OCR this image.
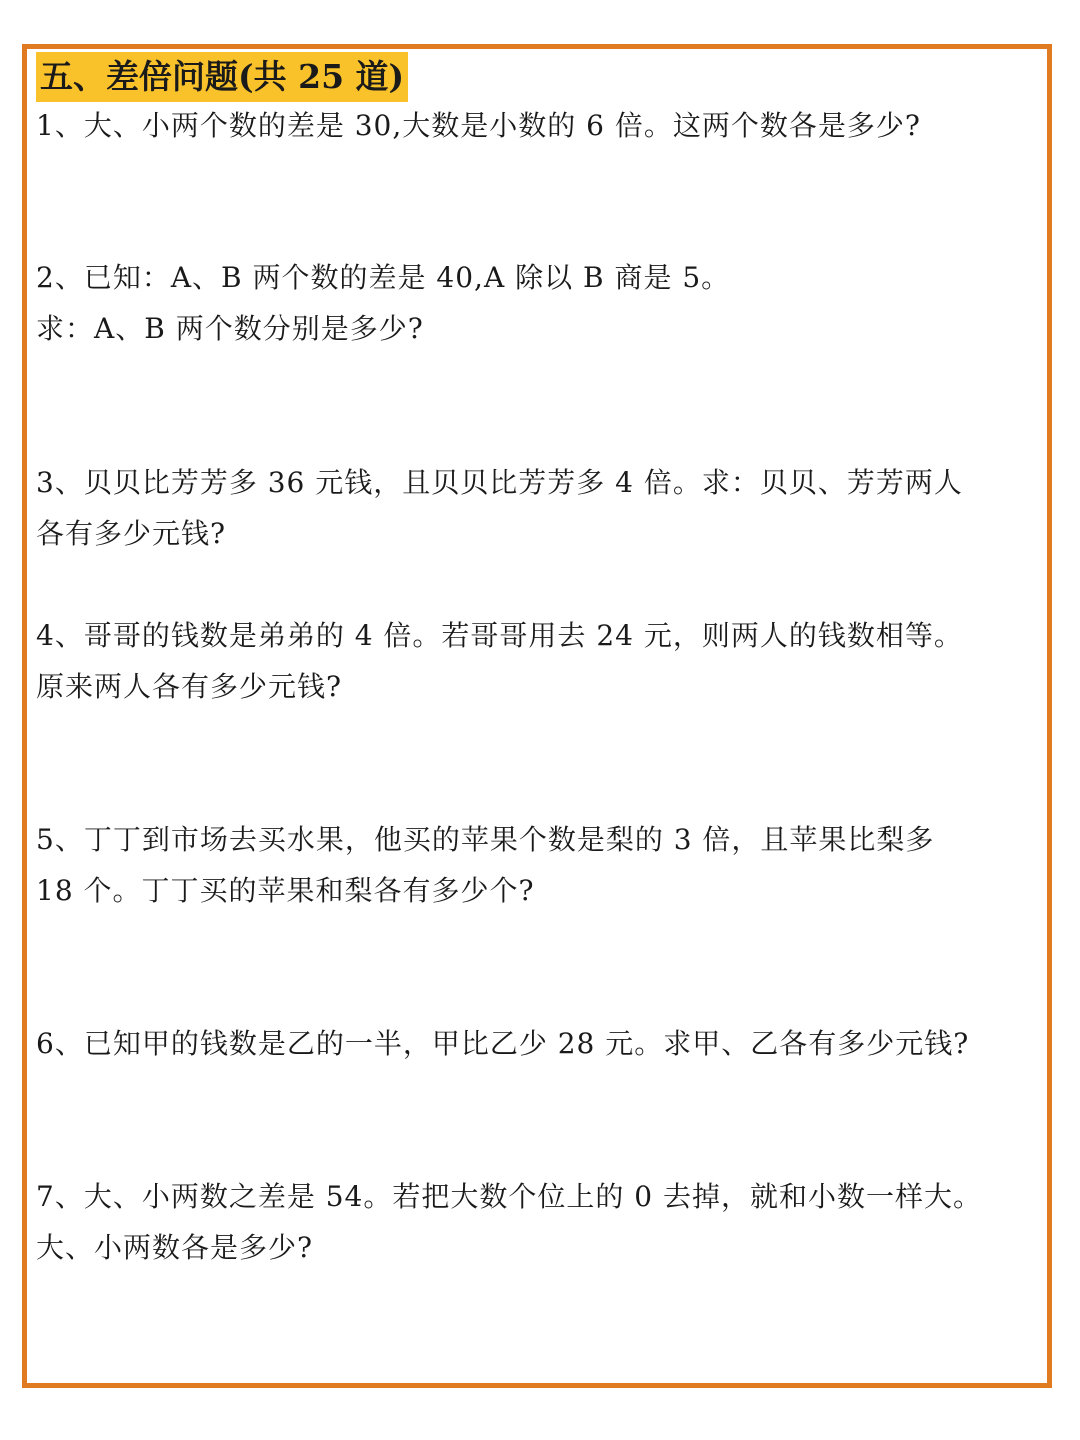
五、差倍问题(共 25 道)
1、大、小两个数的差是 30,大数是小数的 6 倍。这两个数各是多少?
2、已知：A、B 两个数的差是 40,A 除以 B 商是 5。
求：A、B 两个数分别是多少?
3、贝贝比芳芳多 36 元钱，且贝贝比芳芳多 4 倍。求：贝贝、芳芳两人
各有多少元钱?
4、哥哥的钱数是弟弟的 4 倍。若哥哥用去 24 元，则两人的钱数相等。
原来两人各有多少元钱?
5、丁丁到市场去买水果，他买的苹果个数是梨的 3 倍，且苹果比梨多
18 个。丁丁买的苹果和梨各有多少个?
6、已知甲的钱数是乙的一半，甲比乙少 28 元。求甲、乙各有多少元钱?
7、大、小两数之差是 54。若把大数个位上的 0 去掉，就和小数一样大。
大、小两数各是多少?
